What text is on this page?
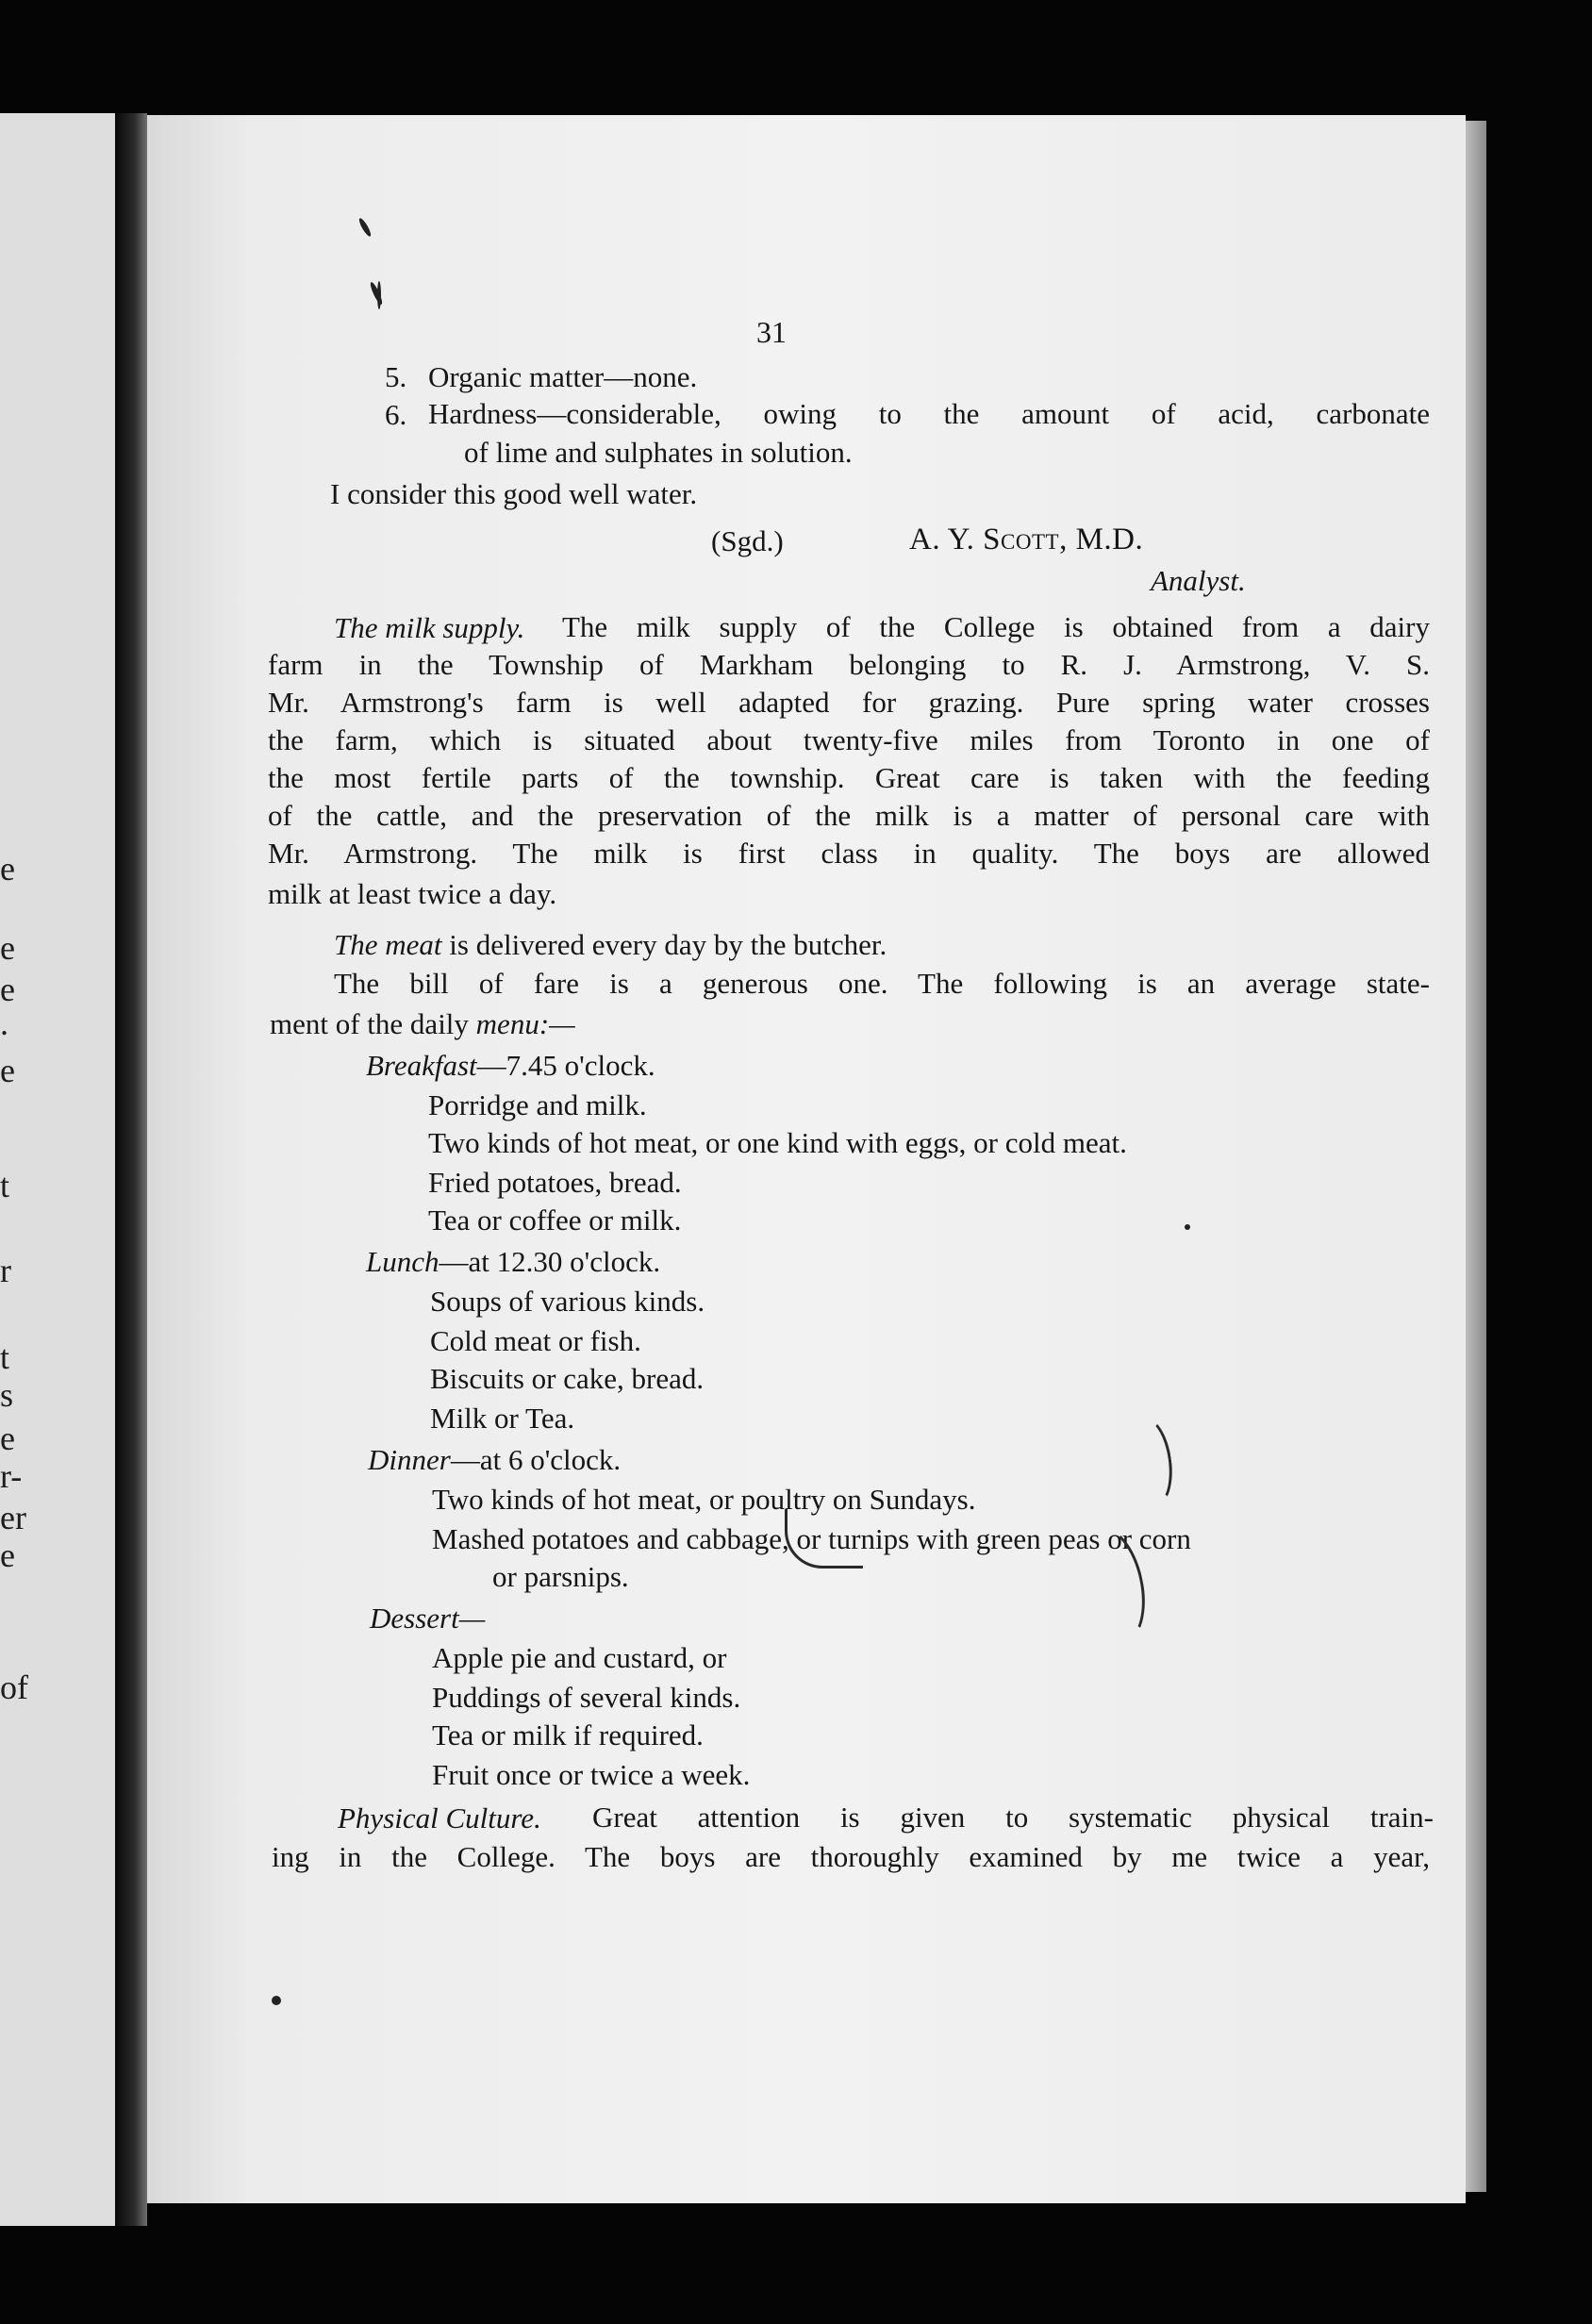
e
e
e
.
e
t
r
t
s
e
r-
er
e
of
31
5. Organic matter—none.
6. Hardness—considerable, owing to the amount of acid, carbonate
of lime and sulphates in solution.
I consider this good well water.
(Sgd.)	A. Y. Scott, M.D.
Analyst.
The milk supply. The milk supply of the College is obtained from a dairy
farm in the Township of Markham belonging to R. J. Armstrong, V. S.
Mr. Armstrong's farm is well adapted for grazing. Pure spring water crosses
the farm, which is situated about twenty-five miles from Toronto in one of
the most fertile parts of the township. Great care is taken with the feeding
of the cattle, and the preservation of the milk is a matter of personal care with
Mr. Armstrong. The milk is first class in quality. The boys are allowed
milk at least twice a day.
The meat is delivered every day by the butcher.
The bill of fare is a generous one. The following is an average state-
ment of the daily menu:—
Breakfast—7.45 o'clock.
Porridge and milk.
Two kinds of hot meat, or one kind with eggs, or cold meat.
Fried potatoes, bread.
Tea or coffee or milk.
Lunch—at 12.30 o'clock.
Soups of various kinds.
Cold meat or fish.
Biscuits or cake, bread.
Milk or Tea.
Dinner—at 6 o'clock.
Two kinds of hot meat, or poultry on Sundays.
Mashed potatoes and cabbage, or turnips with green peas or corn
or parsnips.
Dessert—
Apple pie and custard, or
Puddings of several kinds.
Tea or milk if required.
Fruit once or twice a week.
Physical Culture. Great attention is given to systematic physical train-
ing in the College. The boys are thoroughly examined by me twice a year,
